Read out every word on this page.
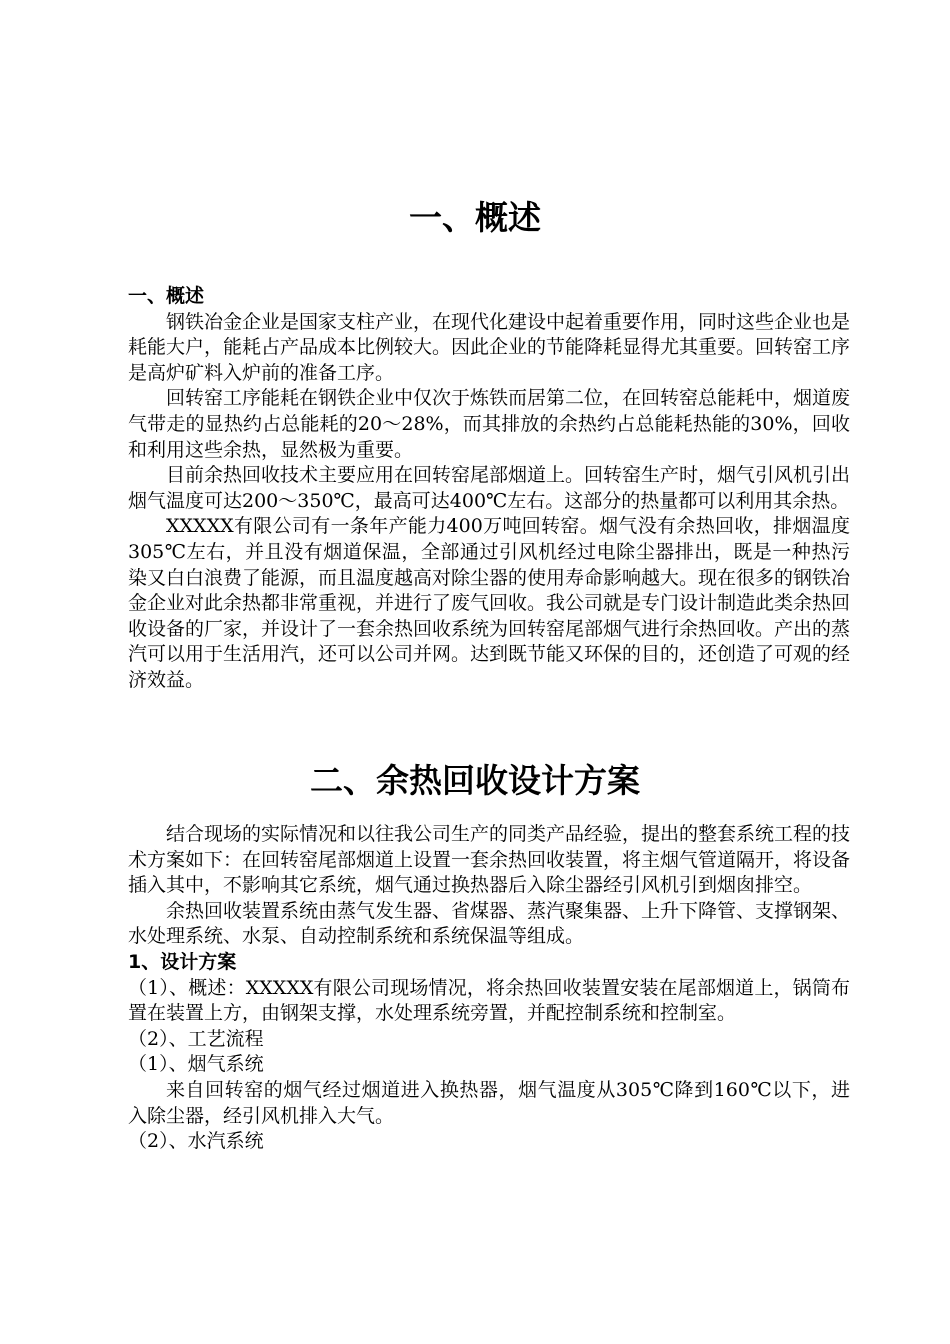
一、概述

一、概述

钢铁冶金企业是国家支柱产业，在现代化建设中起着重要作用，同时这些企业也是耗能大户，能耗占产品成本比例较大。因此企业的节能降耗显得尤其重要。回转窑工序是高炉矿料入炉前的准备工序。

回转窑工序能耗在钢铁企业中仅次于炼铁而居第二位，在回转窑总能耗中，烟道废气带走的显热约占总能耗的20～28%，而其排放的余热约占总能耗热能的30%，回收和利用这些余热，显然极为重要。

目前余热回收技术主要应用在回转窑尾部烟道上。回转窑生产时，烟气引风机引出烟气温度可达200～350℃，最高可达400℃左右。这部分的热量都可以利用其余热。

XXXXX有限公司有一条年产能力400万吨回转窑。烟气没有余热回收，排烟温度305℃左右，并且没有烟道保温，全部通过引风机经过电除尘器排出，既是一种热污染又白白浪费了能源，而且温度越高对除尘器的使用寿命影响越大。现在很多的钢铁冶金企业对此余热都非常重视，并进行了废气回收。我公司就是专门设计制造此类余热回收设备的厂家，并设计了一套余热回收系统为回转窑尾部烟气进行余热回收。产出的蒸汽可以用于生活用汽，还可以公司并网。达到既节能又环保的目的，还创造了可观的经济效益。

二、余热回收设计方案

结合现场的实际情况和以往我公司生产的同类产品经验，提出的整套系统工程的技术方案如下：在回转窑尾部烟道上设置一套余热回收装置，将主烟气管道隔开，将设备插入其中，不影响其它系统，烟气通过换热器后入除尘器经引风机引到烟囱排空。

余热回收装置系统由蒸气发生器、省煤器、蒸汽聚集器、上升下降管、支撑钢架、水处理系统、水泵、自动控制系统和系统保温等组成。

1、设计方案

（1）、概述：XXXXX有限公司现场情况，将余热回收装置安装在尾部烟道上，锅筒布置在装置上方，由钢架支撑，水处理系统旁置，并配控制系统和控制室。

（2）、工艺流程

（1）、烟气系统

来自回转窑的烟气经过烟道进入换热器，烟气温度从305℃降到160℃以下，进入除尘器，经引风机排入大气。

（2）、水汽系统
